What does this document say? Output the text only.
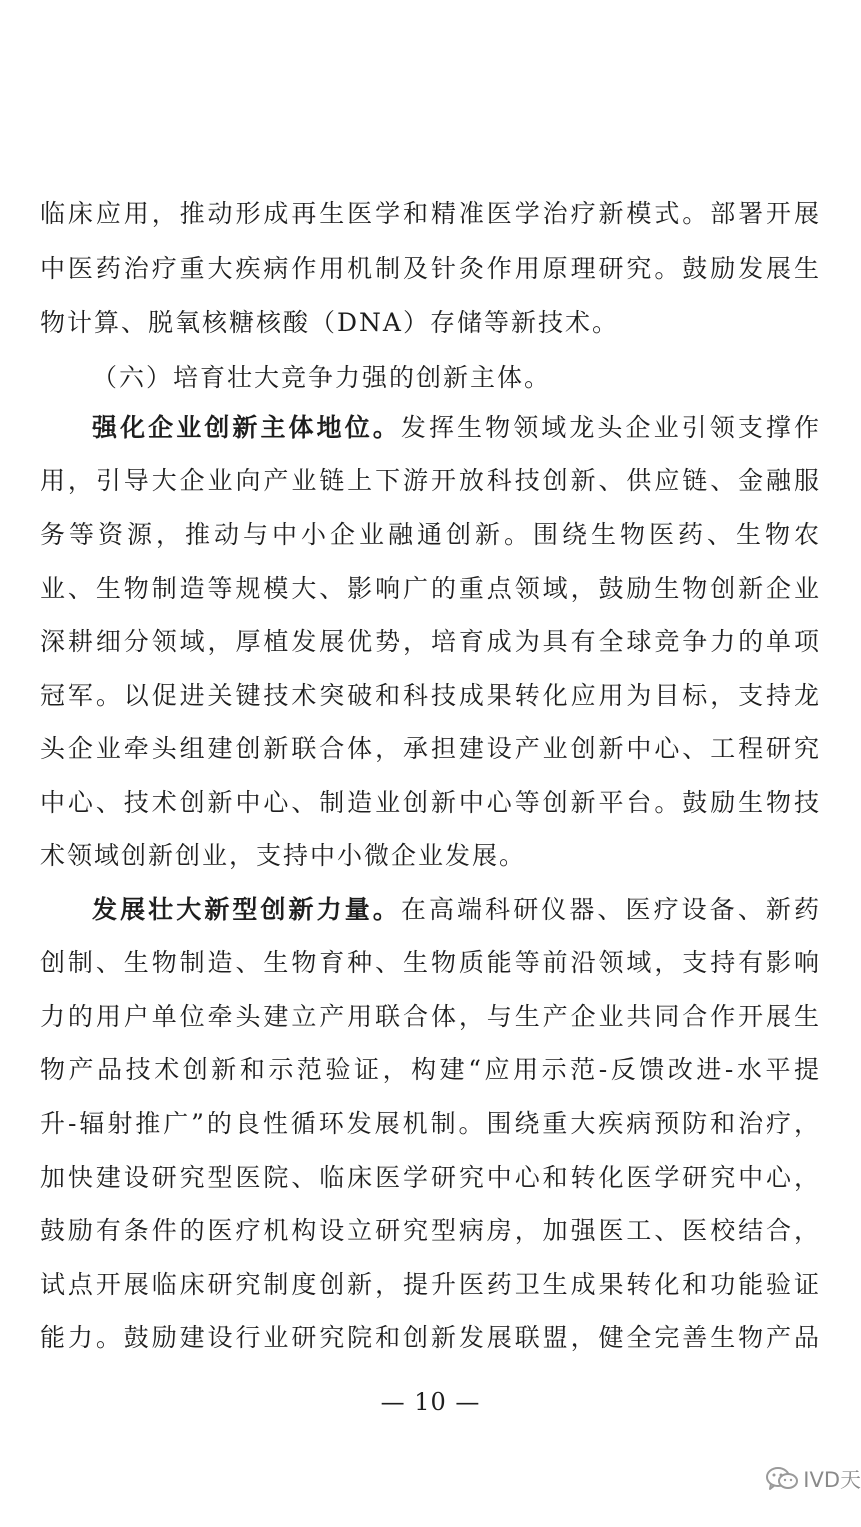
临床应用，推动形成再生医学和精准医学治疗新模式。部署开展
中医药治疗重大疾病作用机制及针灸作用原理研究。鼓励发展生
物计算、脱氧核糖核酸（DNA）存储等新技术。
（六）培育壮大竞争力强的创新主体。
强化企业创新主体地位。发挥生物领域龙头企业引领支撑作
用，引导大企业向产业链上下游开放科技创新、供应链、金融服
务等资源，推动与中小企业融通创新。围绕生物医药、生物农
业、生物制造等规模大、影响广的重点领域，鼓励生物创新企业
深耕细分领域，厚植发展优势，培育成为具有全球竞争力的单项
冠军。以促进关键技术突破和科技成果转化应用为目标，支持龙
头企业牵头组建创新联合体，承担建设产业创新中心、工程研究
中心、技术创新中心、制造业创新中心等创新平台。鼓励生物技
术领域创新创业，支持中小微企业发展。
发展壮大新型创新力量。在高端科研仪器、医疗设备、新药
创制、生物制造、生物育种、生物质能等前沿领域，支持有影响
力的用户单位牵头建立产用联合体，与生产企业共同合作开展生
物产品技术创新和示范验证，构建“应用示范-反馈改进-水平提
升-辐射推广”的良性循环发展机制。围绕重大疾病预防和治疗，
加快建设研究型医院、临床医学研究中心和转化医学研究中心，
鼓励有条件的医疗机构设立研究型病房，加强医工、医校结合，
试点开展临床研究制度创新，提升医药卫生成果转化和功能验证
能力。鼓励建设行业研究院和创新发展联盟，健全完善生物产品
— 10 —
IVD天
